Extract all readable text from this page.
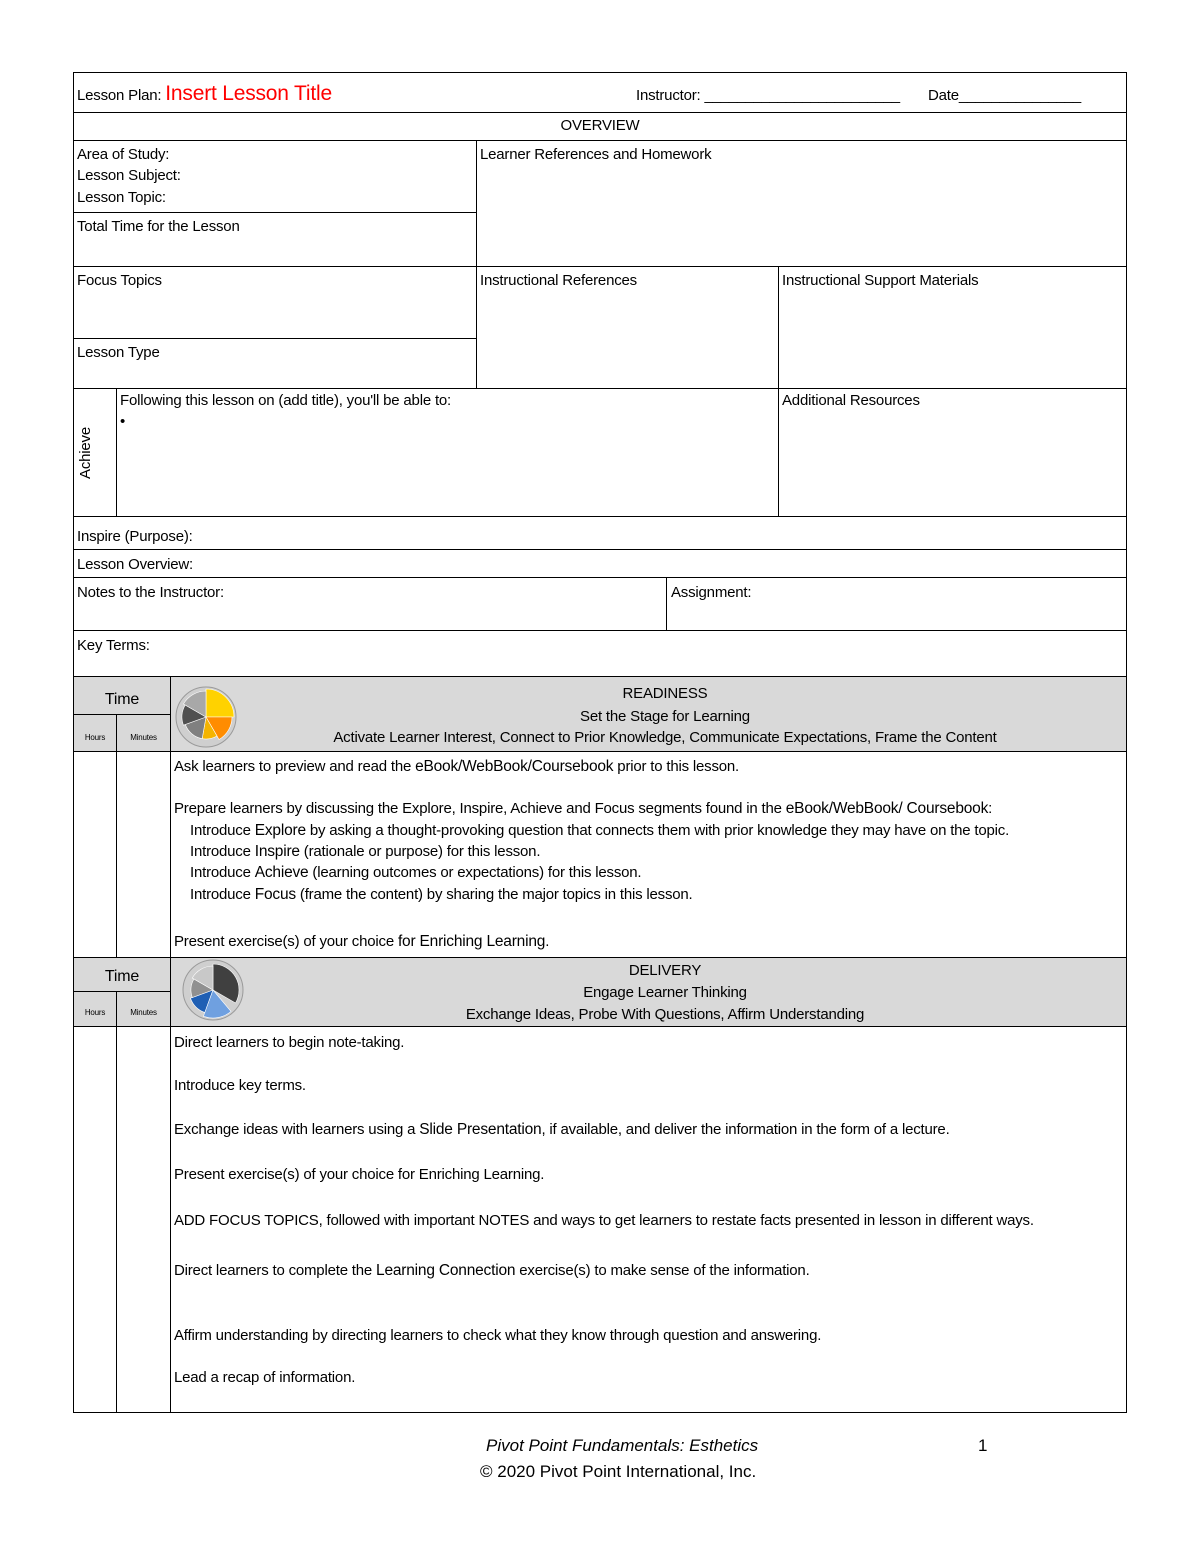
Lesson Plan: Insert Lesson Title	Instructor: ________________________ Date_______________
OVERVIEW
Area of Study:
Lesson Subject:
Lesson Topic:
Learner References and Homework
Total Time for the Lesson
Focus Topics	Instructional References	Instructional Support Materials
Lesson Type
Achieve
Following this lesson on (add title), you'll be able to:
•
Additional Resources
Inspire (Purpose):
Lesson Overview:
Notes to the Instructor:	Assignment:
Key Terms:
Time
Hours	Minutes
READINESS
Set the Stage for Learning
Activate Learner Interest, Connect to Prior Knowledge, Communicate Expectations, Frame the Content
Ask learners to preview and read the eBook/WebBook/Coursebook prior to this lesson.
Prepare learners by discussing the Explore, Inspire, Achieve and Focus segments found in the eBook/WebBook/ Coursebook:
Introduce Explore by asking a thought-provoking question that connects them with prior knowledge they may have on the topic.
Introduce Inspire (rationale or purpose) for this lesson.
Introduce Achieve (learning outcomes or expectations) for this lesson.
Introduce Focus (frame the content) by sharing the major topics in this lesson.
Present exercise(s) of your choice for Enriching Learning.
Time
Hours	Minutes
DELIVERY
Engage Learner Thinking
Exchange Ideas, Probe With Questions, Affirm Understanding
Direct learners to begin note-taking.
Introduce key terms.
Exchange ideas with learners using a Slide Presentation, if available, and deliver the information in the form of a lecture.
Present exercise(s) of your choice for Enriching Learning.
ADD FOCUS TOPICS, followed with important NOTES and ways to get learners to restate facts presented in lesson in different ways.
Direct learners to complete the Learning Connection exercise(s) to make sense of the information.
Affirm understanding by directing learners to check what they know through question and answering.
Lead a recap of information.
Pivot Point Fundamentals: Esthetics	1
© 2020 Pivot Point International, Inc.
